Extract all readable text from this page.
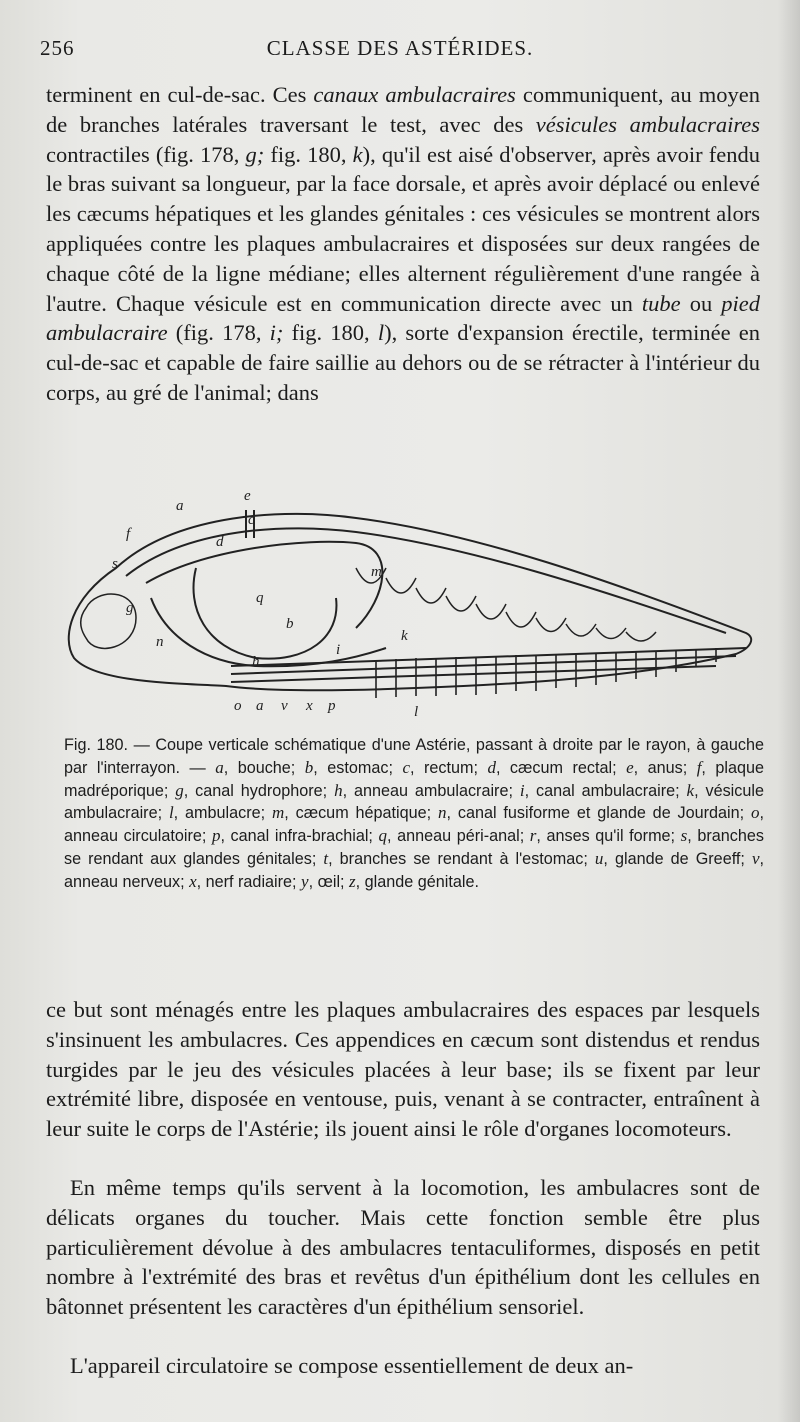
256	CLASSE DES ASTÉRIDES.
terminent en cul-de-sac. Ces canaux ambulacraires communiquent, au moyen de branches latérales traversant le test, avec des vésicules ambulacraires contractiles (fig. 178, g; fig. 180, k), qu'il est aisé d'observer, après avoir fendu le bras suivant sa longueur, par la face dorsale, et après avoir déplacé ou enlevé les cæcums hépatiques et les glandes génitales : ces vésicules se montrent alors appliquées contre les plaques ambulacraires et disposées sur deux rangées de chaque côté de la ligne médiane; elles alternent régulièrement d'une rangée à l'autre. Chaque vésicule est en communication directe avec un tube ou pied ambulacraire (fig. 178, i; fig. 180, l), sorte d'expansion érectile, terminée en cul-de-sac et capable de faire saillie au dehors ou de se rétracter à l'intérieur du corps, au gré de l'animal; dans
a
e
c
f	d
s
g
q
b
n
m
k
i
h
o a v x p	l
Fig. 180. — Coupe verticale schématique d'une Astérie, passant à droite par le rayon, à gauche par l'interrayon. — a, bouche; b, estomac; c, rectum; d, cæcum rectal; e, anus; f, plaque madréporique; g, canal hydrophore; h, anneau ambulacraire; i, canal ambulacraire; k, vésicule ambulacraire; l, ambulacre; m, cæcum hépatique; n, canal fusiforme et glande de Jourdain; o, anneau circulatoire; p, canal infra-brachial; q, anneau péri-anal; r, anses qu'il forme; s, branches se rendant aux glandes génitales; t, branches se rendant à l'estomac; u, glande de Greeff; v, anneau nerveux; x, nerf radiaire; y, œil; z, glande génitale.
ce but sont ménagés entre les plaques ambulacraires des espaces par lesquels s'insinuent les ambulacres. Ces appendices en cæcum sont distendus et rendus turgides par le jeu des vésicules placées à leur base; ils se fixent par leur extrémité libre, disposée en ventouse, puis, venant à se contracter, entraînent à leur suite le corps de l'Astérie; ils jouent ainsi le rôle d'organes locomoteurs.
En même temps qu'ils servent à la locomotion, les ambulacres sont de délicats organes du toucher. Mais cette fonction semble être plus particulièrement dévolue à des ambulacres tentaculiformes, disposés en petit nombre à l'extrémité des bras et revêtus d'un épithélium dont les cellules en bâtonnet présentent les caractères d'un épithélium sensoriel.
L'appareil circulatoire se compose essentiellement de deux an-
